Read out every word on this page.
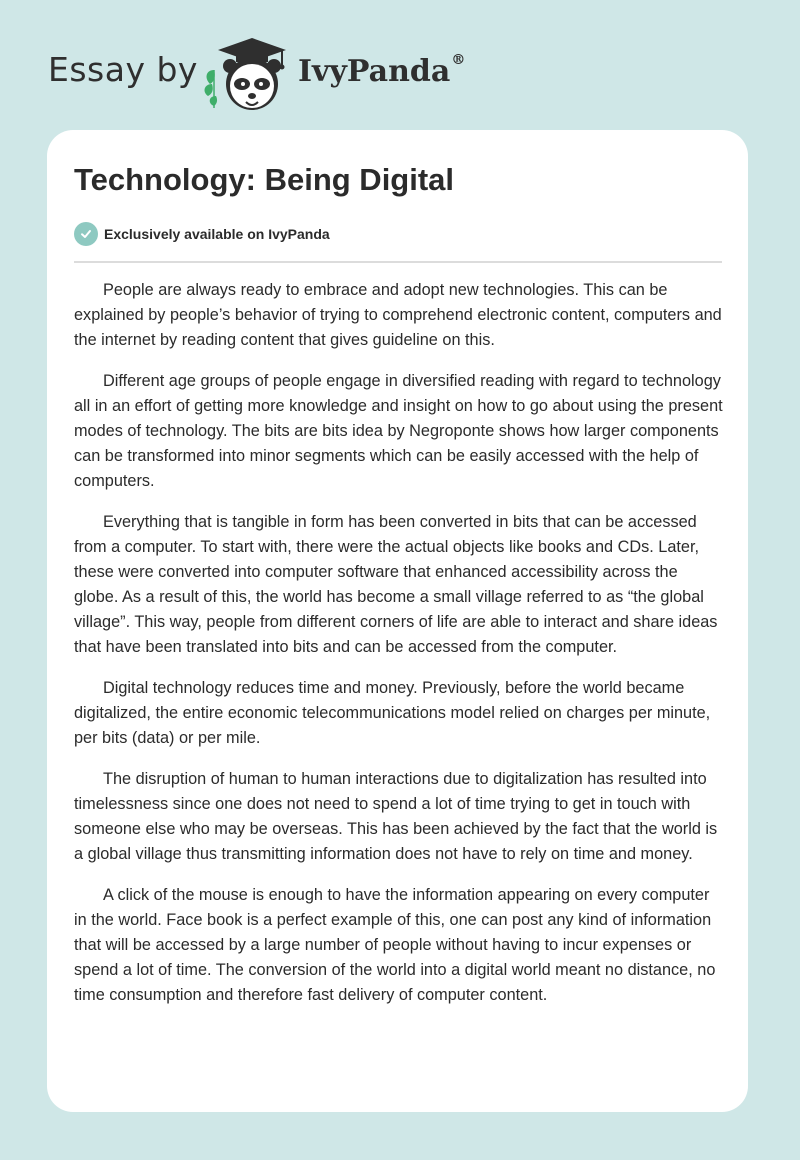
Essay by	IvyPanda®
Technology: Being Digital
Exclusively available on IvyPanda

People are always ready to embrace and adopt new technologies. This can be explained by people’s behavior of trying to comprehend electronic content, computers and the internet by reading content that gives guideline on this.

Different age groups of people engage in diversified reading with regard to technology all in an effort of getting more knowledge and insight on how to go about using the present modes of technology. The bits are bits idea by Negroponte shows how larger components can be transformed into minor segments which can be easily accessed with the help of computers.

Everything that is tangible in form has been converted in bits that can be accessed from a computer. To start with, there were the actual objects like books and CDs. Later, these were converted into computer software that enhanced accessibility across the globe. As a result of this, the world has become a small village referred to as “the global village”. This way, people from different corners of life are able to interact and share ideas that have been translated into bits and can be accessed from the computer.

Digital technology reduces time and money. Previously, before the world became digitalized, the entire economic telecommunications model relied on charges per minute, per bits (data) or per mile.

The disruption of human to human interactions due to digitalization has resulted into timelessness since one does not need to spend a lot of time trying to get in touch with someone else who may be overseas. This has been achieved by the fact that the world is a global village thus transmitting information does not have to rely on time and money.

A click of the mouse is enough to have the information appearing on every computer in the world. Face book is a perfect example of this, one can post any kind of information that will be accessed by a large number of people without having to incur expenses or spend a lot of time. The conversion of the world into a digital world meant no distance, no time consumption and therefore fast delivery of computer content.
